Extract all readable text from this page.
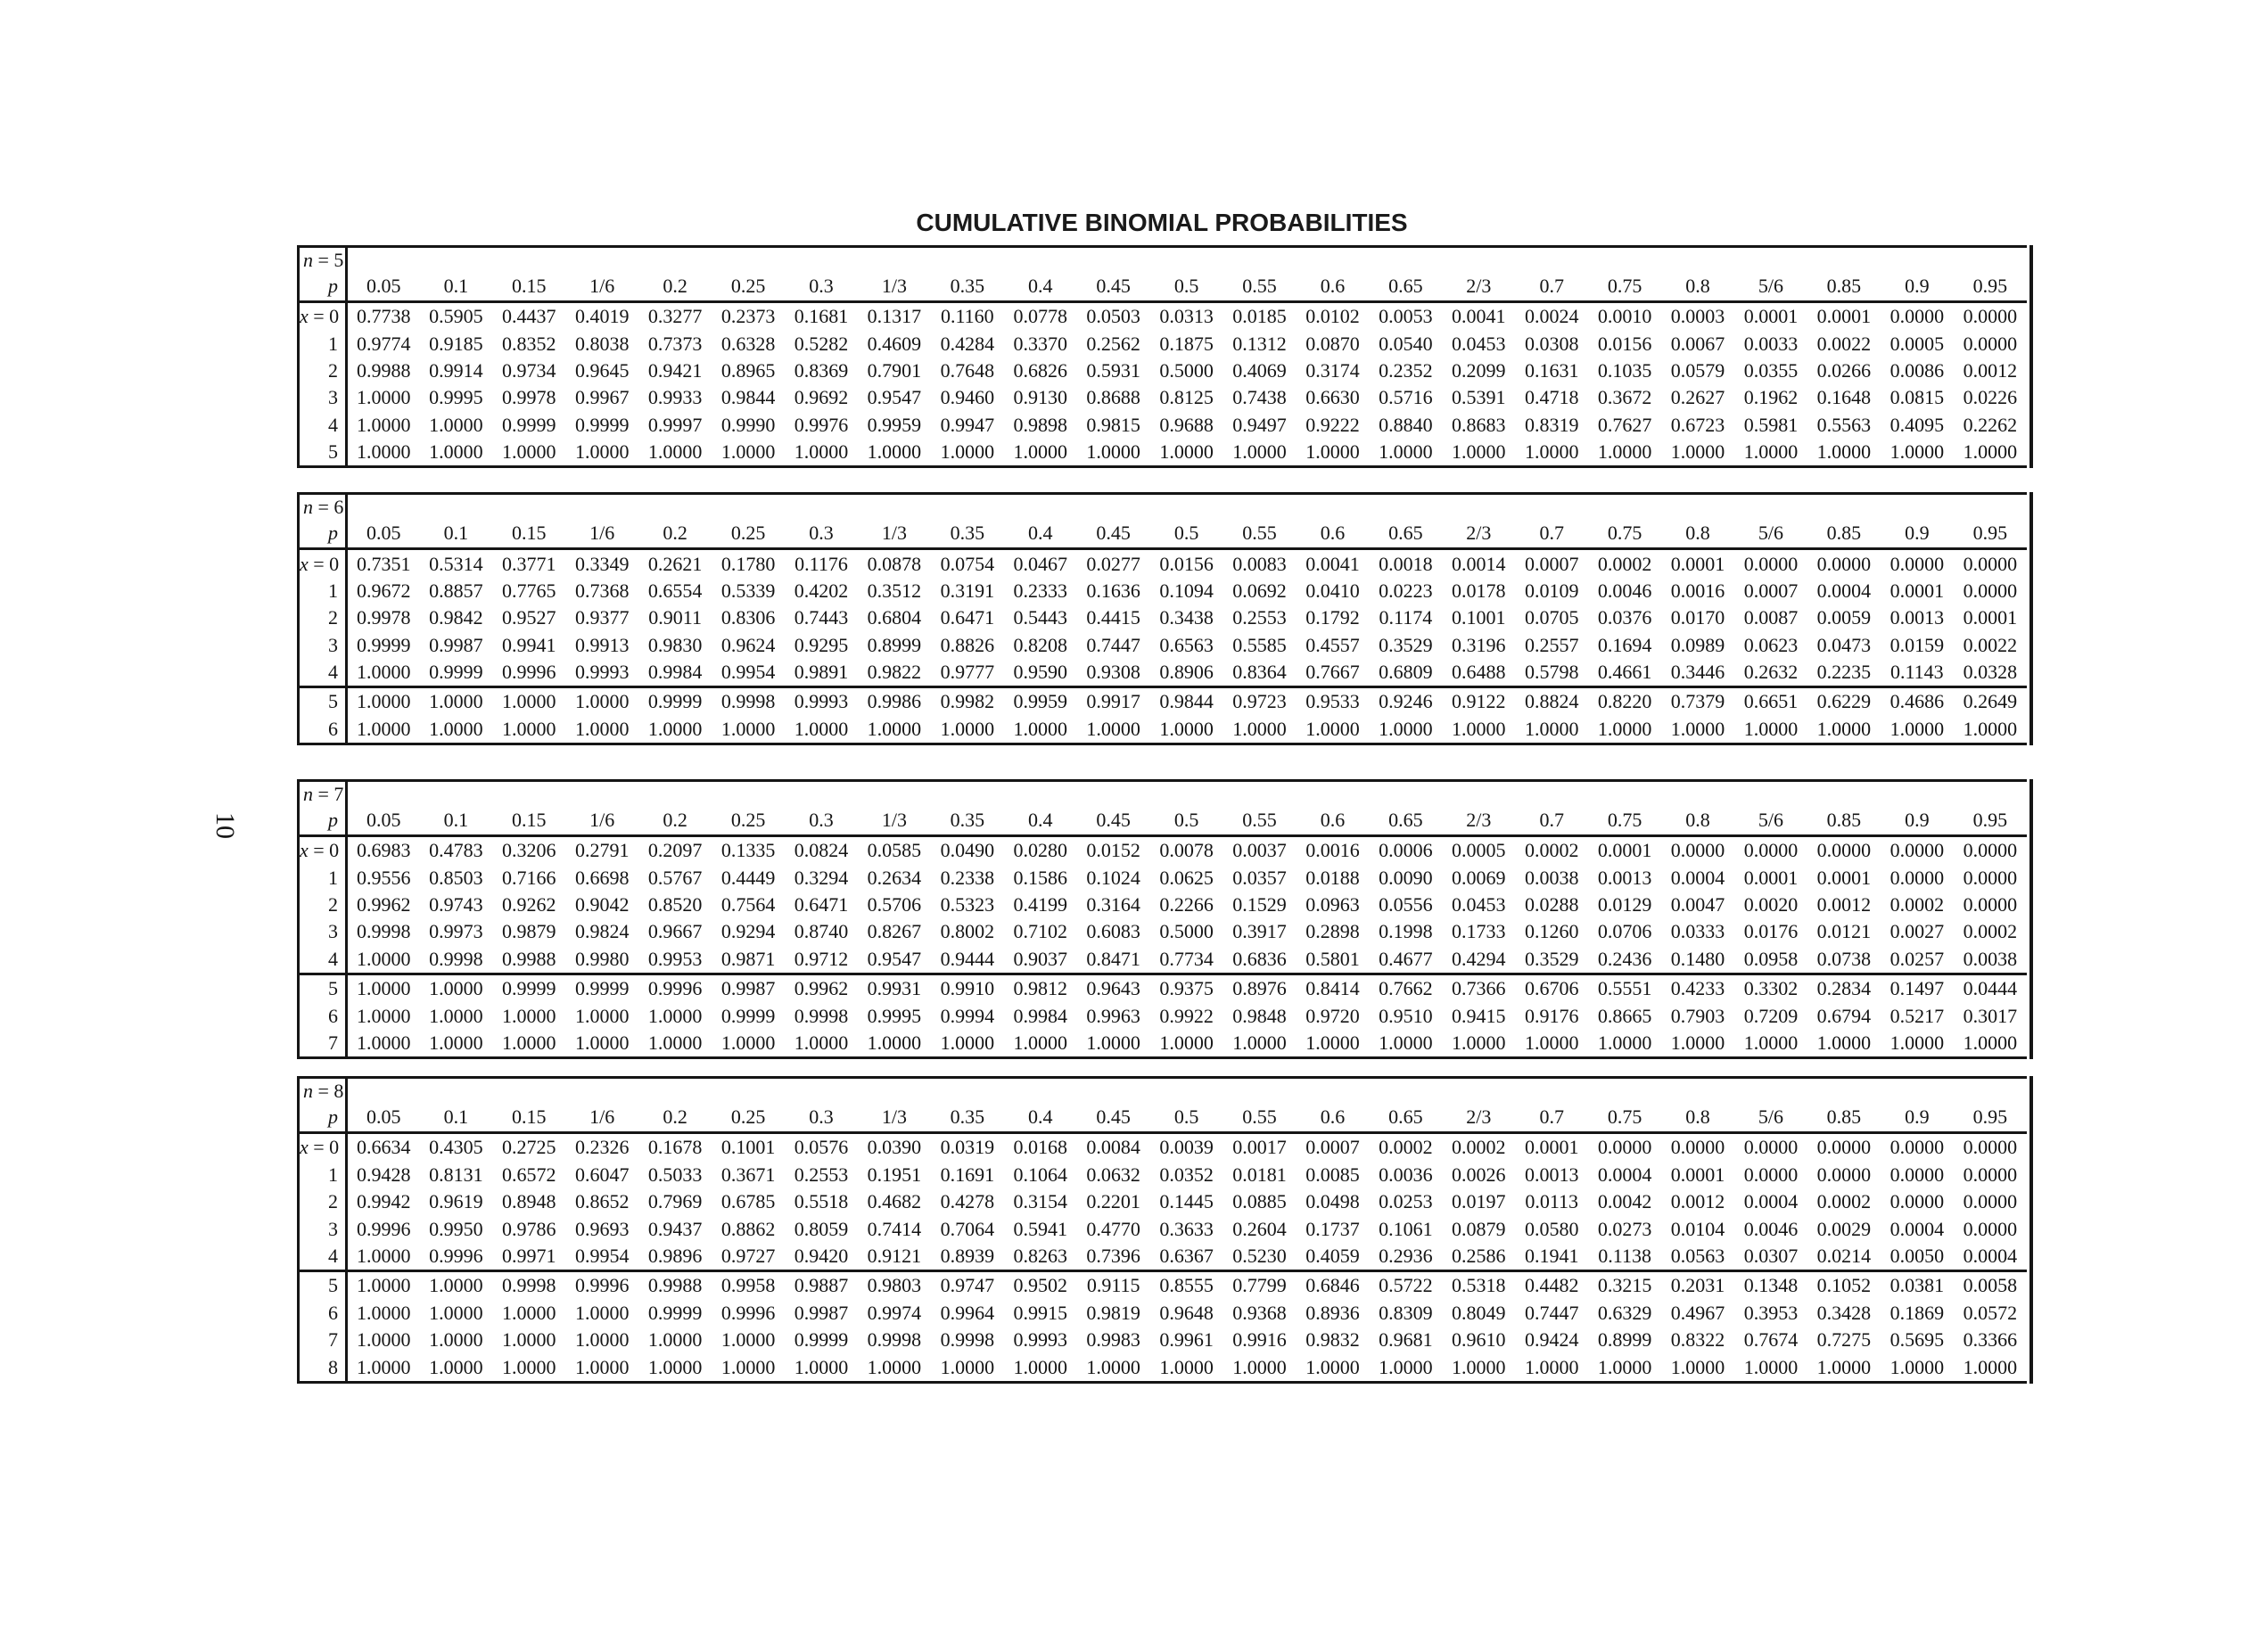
10
CUMULATIVE BINOMIAL PROBABILITIES
n = 5																							
p	0.05	0.1	0.15	1/6	0.2	0.25	0.3	1/3	0.35	0.4	0.45	0.5	0.55	0.6	0.65	2/3	0.7	0.75	0.8	5/6	0.85	0.9	0.95
x = 0	0.7738	0.5905	0.4437	0.4019	0.3277	0.2373	0.1681	0.1317	0.1160	0.0778	0.0503	0.0313	0.0185	0.0102	0.0053	0.0041	0.0024	0.0010	0.0003	0.0001	0.0001	0.0000	0.0000
1	0.9774	0.9185	0.8352	0.8038	0.7373	0.6328	0.5282	0.4609	0.4284	0.3370	0.2562	0.1875	0.1312	0.0870	0.0540	0.0453	0.0308	0.0156	0.0067	0.0033	0.0022	0.0005	0.0000
2	0.9988	0.9914	0.9734	0.9645	0.9421	0.8965	0.8369	0.7901	0.7648	0.6826	0.5931	0.5000	0.4069	0.3174	0.2352	0.2099	0.1631	0.1035	0.0579	0.0355	0.0266	0.0086	0.0012
3	1.0000	0.9995	0.9978	0.9967	0.9933	0.9844	0.9692	0.9547	0.9460	0.9130	0.8688	0.8125	0.7438	0.6630	0.5716	0.5391	0.4718	0.3672	0.2627	0.1962	0.1648	0.0815	0.0226
4	1.0000	1.0000	0.9999	0.9999	0.9997	0.9990	0.9976	0.9959	0.9947	0.9898	0.9815	0.9688	0.9497	0.9222	0.8840	0.8683	0.8319	0.7627	0.6723	0.5981	0.5563	0.4095	0.2262
5	1.0000	1.0000	1.0000	1.0000	1.0000	1.0000	1.0000	1.0000	1.0000	1.0000	1.0000	1.0000	1.0000	1.0000	1.0000	1.0000	1.0000	1.0000	1.0000	1.0000	1.0000	1.0000	1.0000
n = 6																							
p	0.05	0.1	0.15	1/6	0.2	0.25	0.3	1/3	0.35	0.4	0.45	0.5	0.55	0.6	0.65	2/3	0.7	0.75	0.8	5/6	0.85	0.9	0.95
x = 0	0.7351	0.5314	0.3771	0.3349	0.2621	0.1780	0.1176	0.0878	0.0754	0.0467	0.0277	0.0156	0.0083	0.0041	0.0018	0.0014	0.0007	0.0002	0.0001	0.0000	0.0000	0.0000	0.0000
1	0.9672	0.8857	0.7765	0.7368	0.6554	0.5339	0.4202	0.3512	0.3191	0.2333	0.1636	0.1094	0.0692	0.0410	0.0223	0.0178	0.0109	0.0046	0.0016	0.0007	0.0004	0.0001	0.0000
2	0.9978	0.9842	0.9527	0.9377	0.9011	0.8306	0.7443	0.6804	0.6471	0.5443	0.4415	0.3438	0.2553	0.1792	0.1174	0.1001	0.0705	0.0376	0.0170	0.0087	0.0059	0.0013	0.0001
3	0.9999	0.9987	0.9941	0.9913	0.9830	0.9624	0.9295	0.8999	0.8826	0.8208	0.7447	0.6563	0.5585	0.4557	0.3529	0.3196	0.2557	0.1694	0.0989	0.0623	0.0473	0.0159	0.0022
4	1.0000	0.9999	0.9996	0.9993	0.9984	0.9954	0.9891	0.9822	0.9777	0.9590	0.9308	0.8906	0.8364	0.7667	0.6809	0.6488	0.5798	0.4661	0.3446	0.2632	0.2235	0.1143	0.0328
5	1.0000	1.0000	1.0000	1.0000	0.9999	0.9998	0.9993	0.9986	0.9982	0.9959	0.9917	0.9844	0.9723	0.9533	0.9246	0.9122	0.8824	0.8220	0.7379	0.6651	0.6229	0.4686	0.2649
6	1.0000	1.0000	1.0000	1.0000	1.0000	1.0000	1.0000	1.0000	1.0000	1.0000	1.0000	1.0000	1.0000	1.0000	1.0000	1.0000	1.0000	1.0000	1.0000	1.0000	1.0000	1.0000	1.0000
n = 7																							
p	0.05	0.1	0.15	1/6	0.2	0.25	0.3	1/3	0.35	0.4	0.45	0.5	0.55	0.6	0.65	2/3	0.7	0.75	0.8	5/6	0.85	0.9	0.95
x = 0	0.6983	0.4783	0.3206	0.2791	0.2097	0.1335	0.0824	0.0585	0.0490	0.0280	0.0152	0.0078	0.0037	0.0016	0.0006	0.0005	0.0002	0.0001	0.0000	0.0000	0.0000	0.0000	0.0000
1	0.9556	0.8503	0.7166	0.6698	0.5767	0.4449	0.3294	0.2634	0.2338	0.1586	0.1024	0.0625	0.0357	0.0188	0.0090	0.0069	0.0038	0.0013	0.0004	0.0001	0.0001	0.0000	0.0000
2	0.9962	0.9743	0.9262	0.9042	0.8520	0.7564	0.6471	0.5706	0.5323	0.4199	0.3164	0.2266	0.1529	0.0963	0.0556	0.0453	0.0288	0.0129	0.0047	0.0020	0.0012	0.0002	0.0000
3	0.9998	0.9973	0.9879	0.9824	0.9667	0.9294	0.8740	0.8267	0.8002	0.7102	0.6083	0.5000	0.3917	0.2898	0.1998	0.1733	0.1260	0.0706	0.0333	0.0176	0.0121	0.0027	0.0002
4	1.0000	0.9998	0.9988	0.9980	0.9953	0.9871	0.9712	0.9547	0.9444	0.9037	0.8471	0.7734	0.6836	0.5801	0.4677	0.4294	0.3529	0.2436	0.1480	0.0958	0.0738	0.0257	0.0038
5	1.0000	1.0000	0.9999	0.9999	0.9996	0.9987	0.9962	0.9931	0.9910	0.9812	0.9643	0.9375	0.8976	0.8414	0.7662	0.7366	0.6706	0.5551	0.4233	0.3302	0.2834	0.1497	0.0444
6	1.0000	1.0000	1.0000	1.0000	1.0000	0.9999	0.9998	0.9995	0.9994	0.9984	0.9963	0.9922	0.9848	0.9720	0.9510	0.9415	0.9176	0.8665	0.7903	0.7209	0.6794	0.5217	0.3017
7	1.0000	1.0000	1.0000	1.0000	1.0000	1.0000	1.0000	1.0000	1.0000	1.0000	1.0000	1.0000	1.0000	1.0000	1.0000	1.0000	1.0000	1.0000	1.0000	1.0000	1.0000	1.0000	1.0000
n = 8																							
p	0.05	0.1	0.15	1/6	0.2	0.25	0.3	1/3	0.35	0.4	0.45	0.5	0.55	0.6	0.65	2/3	0.7	0.75	0.8	5/6	0.85	0.9	0.95
x = 0	0.6634	0.4305	0.2725	0.2326	0.1678	0.1001	0.0576	0.0390	0.0319	0.0168	0.0084	0.0039	0.0017	0.0007	0.0002	0.0002	0.0001	0.0000	0.0000	0.0000	0.0000	0.0000	0.0000
1	0.9428	0.8131	0.6572	0.6047	0.5033	0.3671	0.2553	0.1951	0.1691	0.1064	0.0632	0.0352	0.0181	0.0085	0.0036	0.0026	0.0013	0.0004	0.0001	0.0000	0.0000	0.0000	0.0000
2	0.9942	0.9619	0.8948	0.8652	0.7969	0.6785	0.5518	0.4682	0.4278	0.3154	0.2201	0.1445	0.0885	0.0498	0.0253	0.0197	0.0113	0.0042	0.0012	0.0004	0.0002	0.0000	0.0000
3	0.9996	0.9950	0.9786	0.9693	0.9437	0.8862	0.8059	0.7414	0.7064	0.5941	0.4770	0.3633	0.2604	0.1737	0.1061	0.0879	0.0580	0.0273	0.0104	0.0046	0.0029	0.0004	0.0000
4	1.0000	0.9996	0.9971	0.9954	0.9896	0.9727	0.9420	0.9121	0.8939	0.8263	0.7396	0.6367	0.5230	0.4059	0.2936	0.2586	0.1941	0.1138	0.0563	0.0307	0.0214	0.0050	0.0004
5	1.0000	1.0000	0.9998	0.9996	0.9988	0.9958	0.9887	0.9803	0.9747	0.9502	0.9115	0.8555	0.7799	0.6846	0.5722	0.5318	0.4482	0.3215	0.2031	0.1348	0.1052	0.0381	0.0058
6	1.0000	1.0000	1.0000	1.0000	0.9999	0.9996	0.9987	0.9974	0.9964	0.9915	0.9819	0.9648	0.9368	0.8936	0.8309	0.8049	0.7447	0.6329	0.4967	0.3953	0.3428	0.1869	0.0572
7	1.0000	1.0000	1.0000	1.0000	1.0000	1.0000	0.9999	0.9998	0.9998	0.9993	0.9983	0.9961	0.9916	0.9832	0.9681	0.9610	0.9424	0.8999	0.8322	0.7674	0.7275	0.5695	0.3366
8	1.0000	1.0000	1.0000	1.0000	1.0000	1.0000	1.0000	1.0000	1.0000	1.0000	1.0000	1.0000	1.0000	1.0000	1.0000	1.0000	1.0000	1.0000	1.0000	1.0000	1.0000	1.0000	1.0000
